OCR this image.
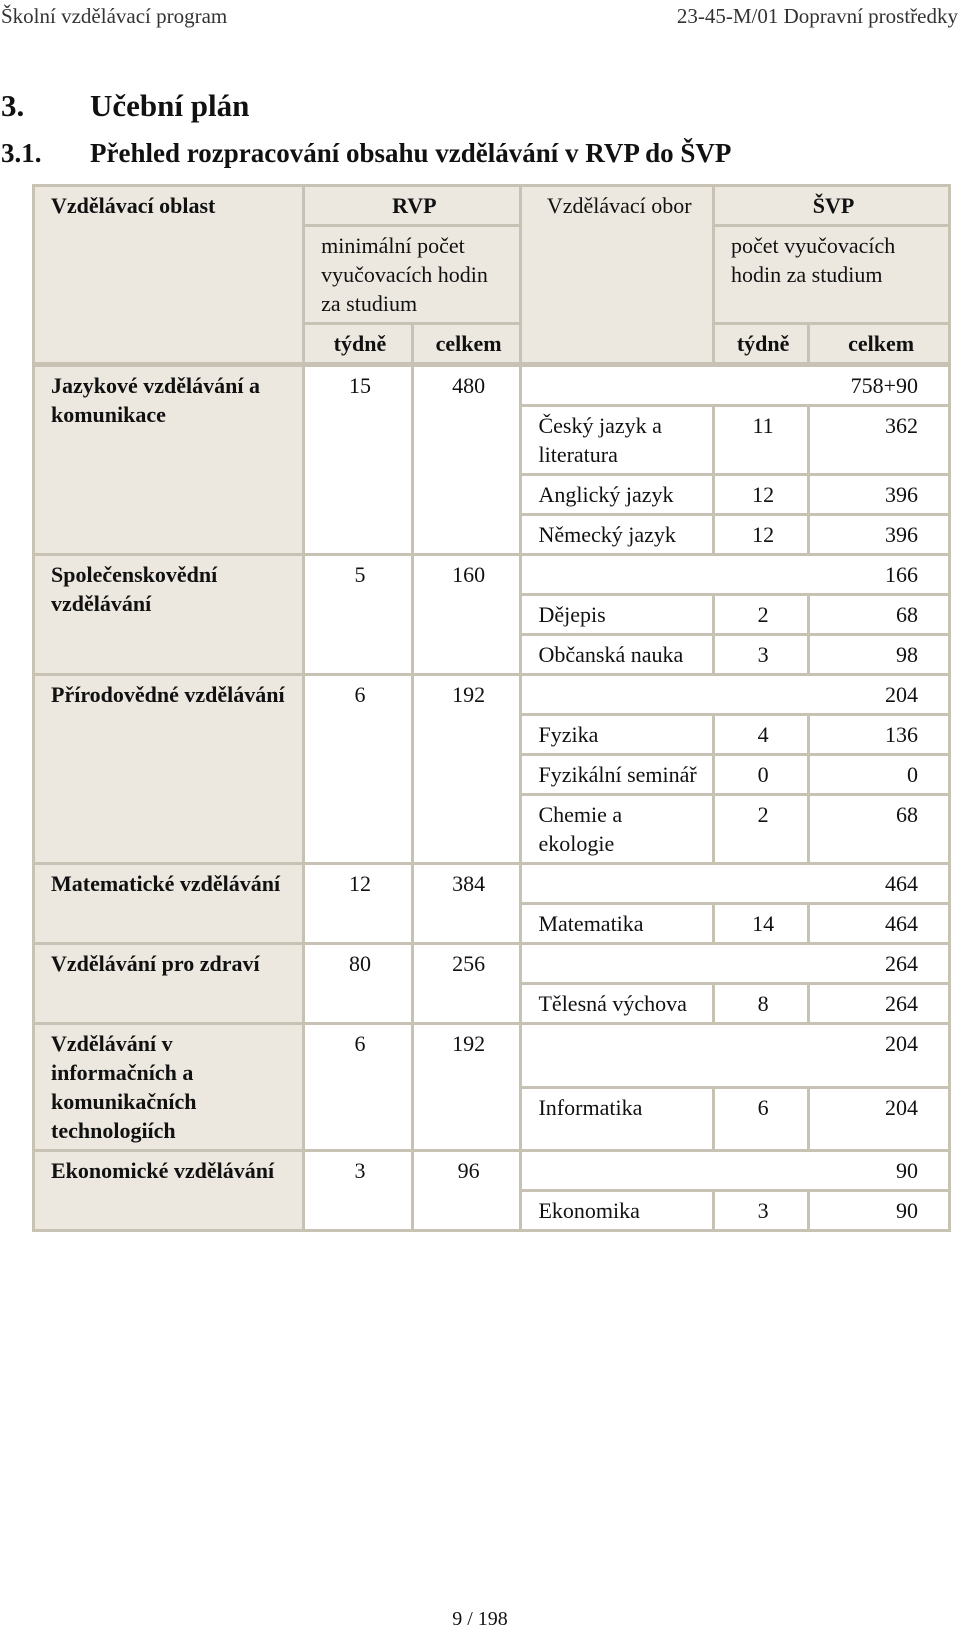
Školní vzdělávací program	23-45-M/01 Dopravní prostředky
3. Učební plán
3.1. Přehled rozpracování obsahu vzdělávání v RVP do ŠVP
Vzdělávací oblast	RVP		Vzdělávací obor	ŠVP	
	minimální počet vyučovacích hodin za studium			počet vyučovacích hodin za studium	
	týdně	celkem		týdně	celkem
Jazykové vzdělávání a komunikace	15	480			758+90
			Český jazyk a literatura	11	362
			Anglický jazyk	12	396
			Německý jazyk	12	396
Společenskovědní vzdělávání	5	160			166
			Dějepis	2	68
			Občanská nauka	3	98
Přírodovědné vzdělávání	6	192			204
			Fyzika	4	136
			Fyzikální seminář	0	0
			Chemie a ekologie	2	68
Matematické vzdělávání	12	384			464
			Matematika	14	464
Vzdělávání pro zdraví	80	256			264
			Tělesná výchova	8	264
Vzdělávání v informačních a komunikačních technologiích	6	192			204
			Informatika	6	204
Ekonomické vzdělávání	3	96			90
			Ekonomika	3	90
9 / 198
